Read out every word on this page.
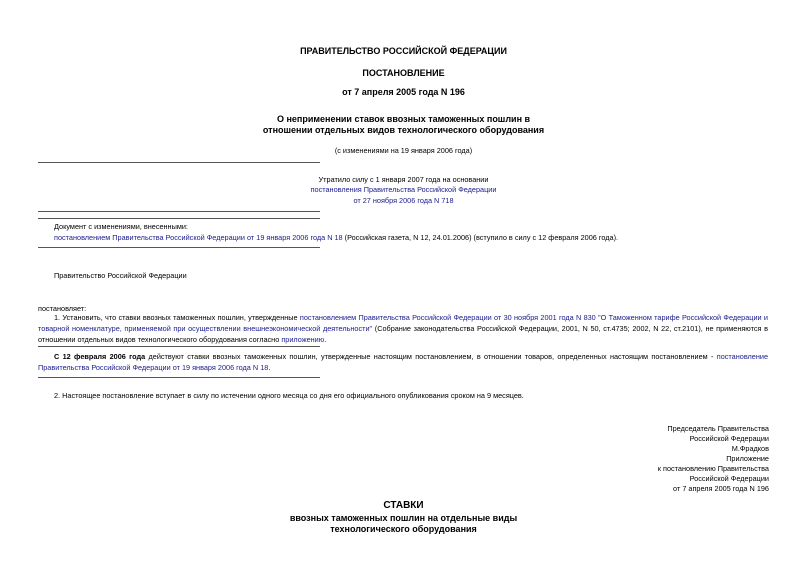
ПРАВИТЕЛЬСТВО РОССИЙСКОЙ ФЕДЕРАЦИИ
ПОСТАНОВЛЕНИЕ
от 7 апреля 2005 года N 196
О неприменении ставок ввозных таможенных пошлин в
отношении отдельных видов технологического оборудования
(с изменениями на 19 января 2006 года)
Утратило силу с 1 января 2007 года на основании
постановления Правительства Российской Федерации
от 27 ноября 2006 года N 718
Документ с изменениями, внесенными:
постановлением Правительства Российской Федерации от 19 января 2006 года N 18 (Российская газета, N 12, 24.01.2006) (вступило в силу с 12 февраля 2006 года).
Правительство Российской Федерации
постановляет:
1. Установить, что ставки ввозных таможенных пошлин, утвержденные постановлением Правительства Российской Федерации от 30 ноября 2001 года N 830 "О Таможенном тарифе Российской Федерации и товарной номенклатуре, применяемой при осуществлении внешнеэкономической деятельности" (Собрание законодательства Российской Федерации, 2001, N 50, ст.4735; 2002, N 22, ст.2101), не применяются в отношении отдельных видов технологического оборудования согласно приложению.
С 12 февраля 2006 года действуют ставки ввозных таможенных пошлин, утвержденные настоящим постановлением, в отношении товаров, определенных настоящим постановлением - постановление Правительства Российской Федерации от 19 января 2006 года N 18.
2. Настоящее постановление вступает в силу по истечении одного месяца со дня его официального опубликования сроком на 9 месяцев.
Председатель Правительства
Российской Федерации
М.Фрадков
Приложение
к постановлению Правительства
Российской Федерации
от 7 апреля 2005 года N 196
СТАВКИ
ввозных таможенных пошлин на отдельные виды
технологического оборудования
